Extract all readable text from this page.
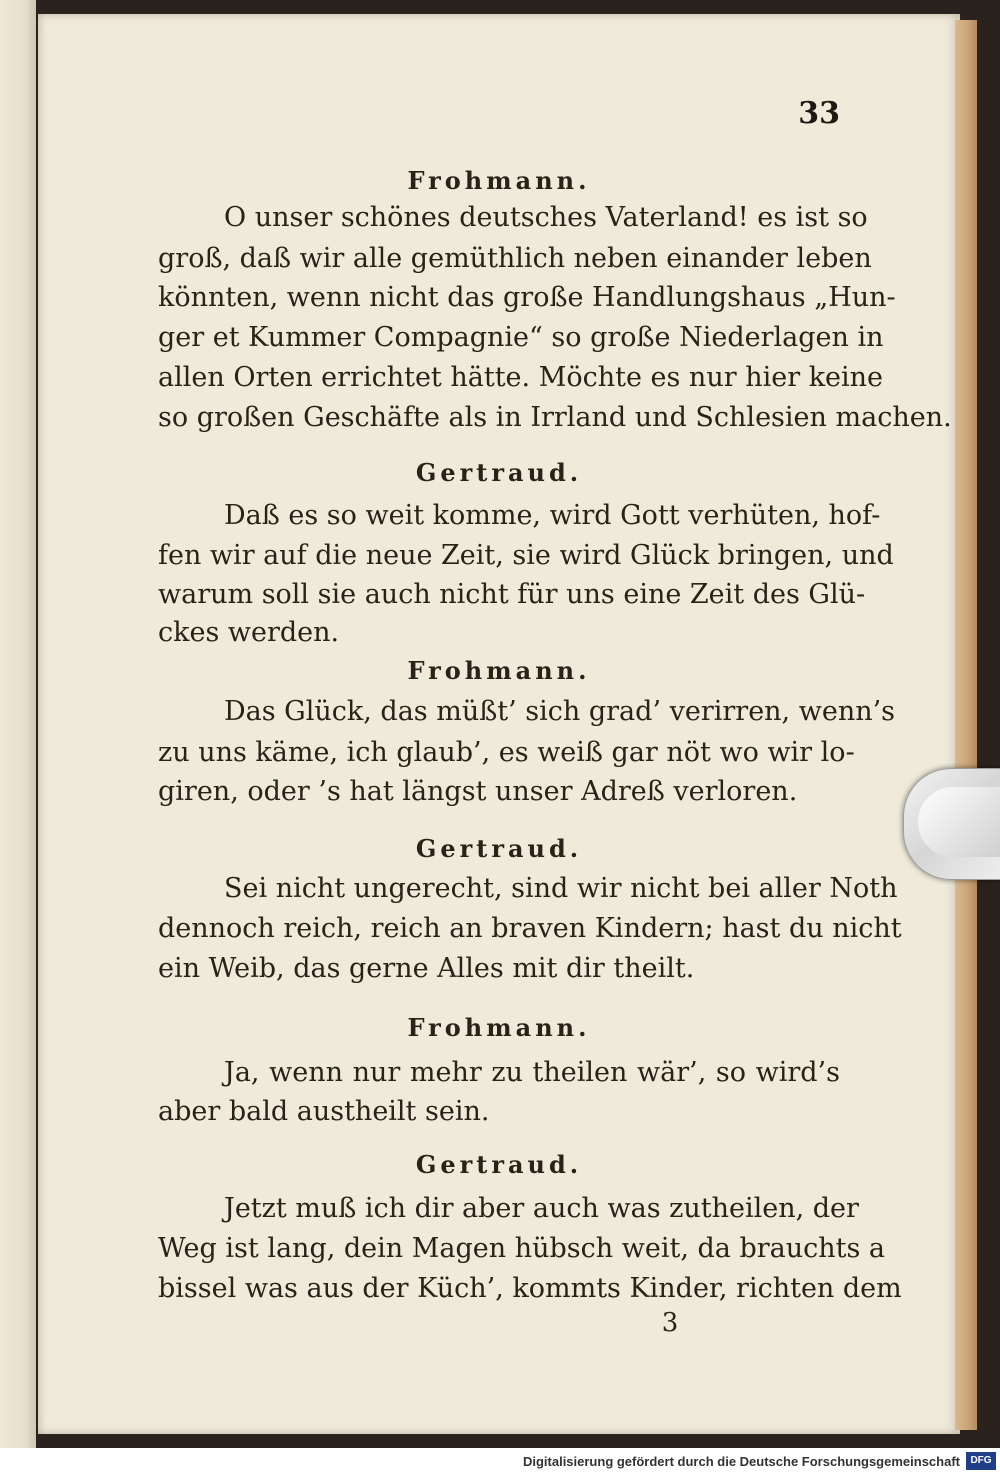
33
Frohmann.
O unser schönes deutsches Vaterland! es ist so
groß, daß wir alle gemüthlich neben einander leben
könnten, wenn nicht das große Handlungshaus „Hun-
ger et Kummer Compagnie“ so große Niederlagen in
allen Orten errichtet hätte. Möchte es nur hier keine
so großen Geschäfte als in Irrland und Schlesien machen.
Gertraud.
Daß es so weit komme, wird Gott verhüten, hof-
fen wir auf die neue Zeit, sie wird Glück bringen, und
warum soll sie auch nicht für uns eine Zeit des Glü-
ckes werden.
Frohmann.
Das Glück, das müßt’ sich grad’ verirren, wenn’s
zu uns käme, ich glaub’, es weiß gar nöt wo wir lo-
giren, oder ’s hat längst unser Adreß verloren.
Gertraud.
Sei nicht ungerecht, sind wir nicht bei aller Noth
dennoch reich, reich an braven Kindern; hast du nicht
ein Weib, das gerne Alles mit dir theilt.
Frohmann.
Ja, wenn nur mehr zu theilen wär’, so wird’s
aber bald austheilt sein.
Gertraud.
Jetzt muß ich dir aber auch was zutheilen, der
Weg ist lang, dein Magen hübsch weit, da brauchts a
bissel was aus der Küch’, kommts Kinder, richten dem
3
Digitalisierung gefördert durch die Deutsche Forschungsgemeinschaft	DFG
